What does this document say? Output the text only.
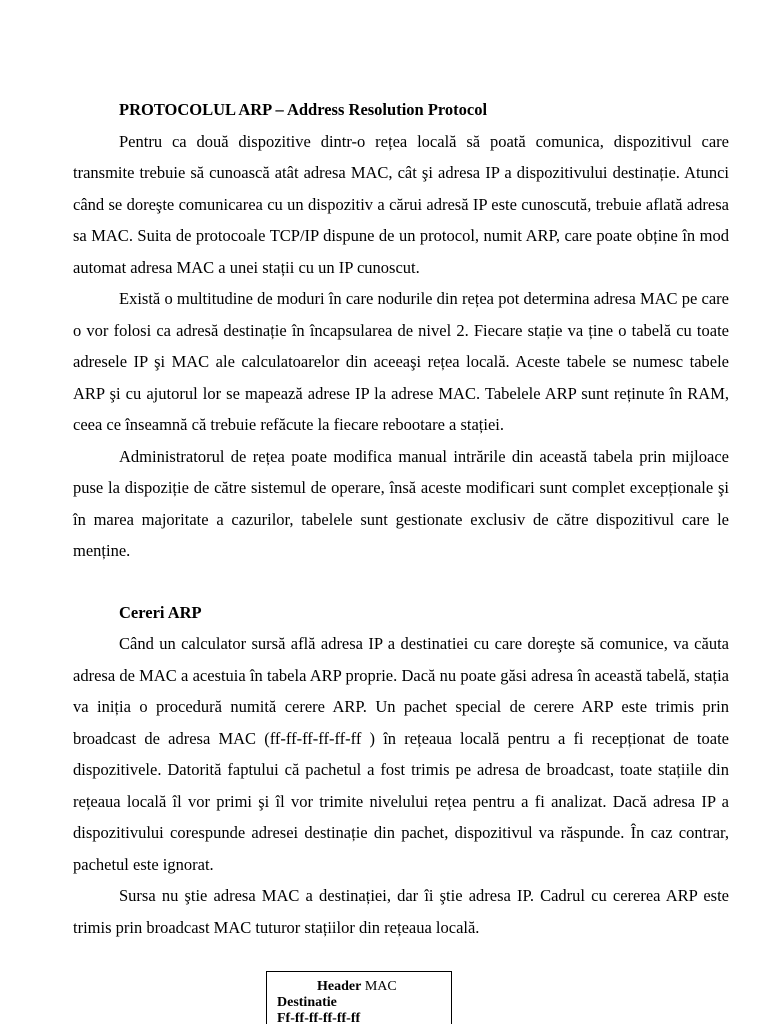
PROTOCOLUL ARP – Address Resolution Protocol

Pentru ca două dispozitive dintr-o rețea locală să poată comunica, dispozitivul care transmite trebuie să cunoască atât adresa MAC, cât şi adresa IP a dispozitivului destinație. Atunci când se doreşte comunicarea cu un dispozitiv a cărui adresă IP este cunoscută, trebuie aflată adresa sa MAC. Suita de protocoale TCP/IP dispune de un protocol, numit ARP, care poate obține în mod automat adresa MAC a unei stații cu un IP cunoscut.

Există o multitudine de moduri în care nodurile din rețea pot determina adresa MAC pe care o vor folosi ca adresă destinație în încapsularea de nivel 2. Fiecare stație va ține o tabelă cu toate adresele IP şi MAC ale calculatoarelor din aceeaşi rețea locală. Aceste tabele se numesc tabele ARP şi cu ajutorul lor se mapează adrese IP la adrese MAC. Tabelele ARP sunt reținute în RAM, ceea ce înseamnă că trebuie refăcute la fiecare rebootare a stației.

Administratorul de rețea poate modifica manual intrările din această tabela prin mijloace puse la dispoziție de către sistemul de operare, însă aceste modificari sunt complet excepționale şi în marea majoritate a cazurilor, tabelele sunt gestionate exclusiv de către dispozitivul care le menține.

Cereri ARP

Când un calculator sursă află adresa IP a destinatiei cu care doreşte să comunice, va căuta adresa de MAC a acestuia în tabela ARP proprie. Dacă nu poate găsi adresa în această tabelă, stația va iniția o procedură numită cerere ARP. Un pachet special de cerere ARP este trimis prin broadcast de adresa MAC (ff-ff-ff-ff-ff-ff ) în rețeaua locală pentru a fi recepționat de toate dispozitivele. Datorită faptului că pachetul a fost trimis pe adresa de broadcast, toate stațiile din rețeaua locală îl vor primi şi îl vor trimite nivelului rețea pentru a fi analizat. Dacă adresa IP a dispozitivului corespunde adresei destinație din pachet, dispozitivul va răspunde. În caz contrar, pachetul este ignorat.

Sursa nu ştie adresa MAC a destinației, dar îi ştie adresa IP. Cadrul cu cererea ARP este trimis prin broadcast MAC tuturor stațiilor din rețeaua locală.

Header MAC
Destinatie
Ff-ff-ff-ff-ff-ff
